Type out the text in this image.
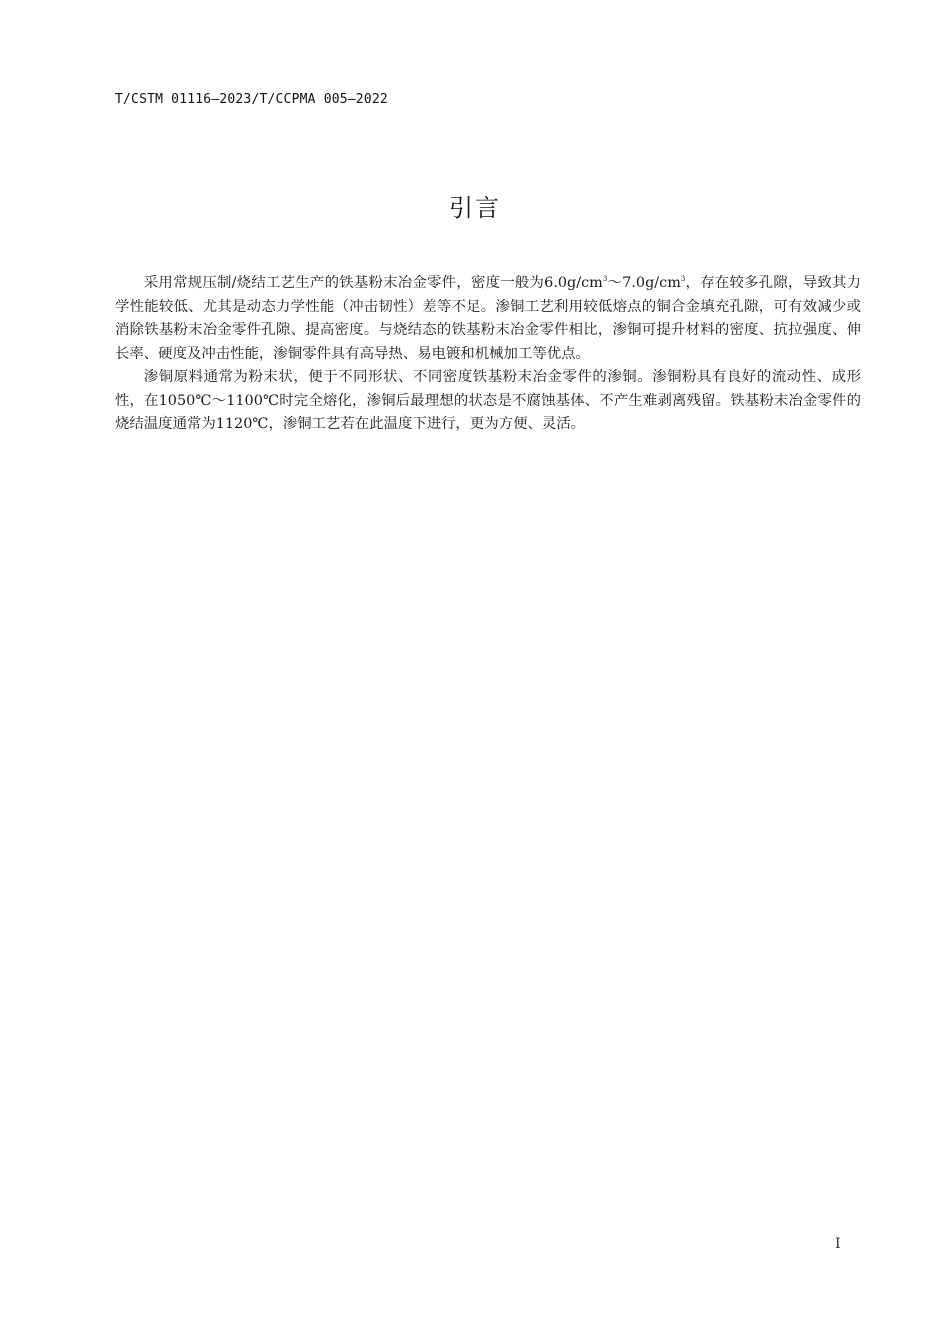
T/CSTM 01116—2023/T/CCPMA 005—2022
引言

采用常规压制/烧结工艺生产的铁基粉末冶金零件，密度一般为$6.0g/cm^3\sim 7.0g/cm^3$，存在较多孔隙，导致其力学性能较低、尤其是动态力学性能（冲击韧性）差等不足。渗铜工艺利用较低熔点的铜合金填充孔隙，可有效减少或消除铁基粉末冶金零件孔隙、提高密度。与烧结态的铁基粉末冶金零件相比，渗铜可提升材料的密度、抗拉强度、伸长率、硬度及冲击性能，渗铜零件具有高导热、易电镀和机械加工等优点。

渗铜原料通常为粉末状，便于不同形状、不同密度铁基粉末冶金零件的渗铜。渗铜粉具有良好的流动性、成形性，在1050℃～1100℃时完全熔化，渗铜后最理想的状态是不腐蚀基体、不产生难剥离残留。铁基粉末冶金零件的烧结温度通常为1120℃，渗铜工艺若在此温度下进行，更为方便、灵活。

I
